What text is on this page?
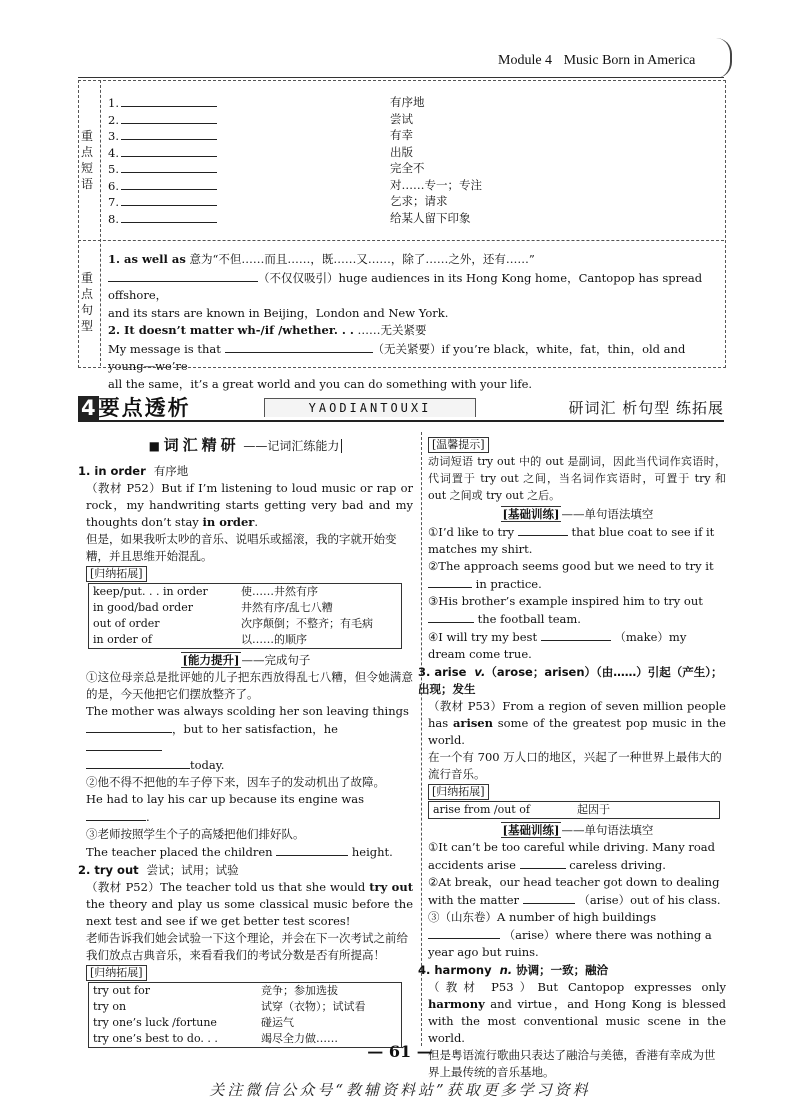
Module 4 Music Born in America
重点短语
1.	有序地
2.	尝试
3.	有幸
4.	出版
5.	完全不
6.	对……专一；专注
7.	乞求；请求
8.	给某人留下印象
重点句型
1. as well as 意为“不但……而且……，既……又……，除了……之外，还有……”
（不仅仅吸引）huge audiences in its Hong Kong home，Cantopop has spread offshore，
and its stars are known in Beijing，London and New York.
2. It doesn’t matter wh-/if /whether. . . ……无关紧要
My message is that	（无关紧要）if you’re black，white，fat，thin，old and young—we’re
all the same，it’s a great world and you can do something with your life.
4 要点透析	YAODIANTOUXI	研词汇 析句型 练拓展
■ 词汇精研 ——记词汇练能力
1. in order 有序地
（教材 P52）But if I’m listening to loud music or rap or rock，my handwriting starts getting very bad and my thoughts don’t stay in order.
但是，如果我听太吵的音乐、说唱乐或摇滚，我的字就开始变糟，并且思维开始混乱。
[归纳拓展]
keep/put. . . in order	使……井然有序
in good/bad order	井然有序/乱七八糟
out of order	次序颠倒；不整齐；有毛病
in order of	以……的顺序
[能力提升] ——完成句子
①这位母亲总是批评她的儿子把东西放得乱七八糟，但令她满意的是，今天他把它们摆放整齐了。
The mother was always scolding her son leaving things
，but to her satisfaction，he
today.
②他不得不把他的车子停下来，因车子的发动机出了故障。
He had to lay his car up because its engine was .
③老师按照学生个子的高矮把他们排好队。
The teacher placed the children	height.
2. try out 尝试；试用；试验
（教材 P52）The teacher told us that she would try out the theory and play us some classical music before the next test and see if we get better test scores!
老师告诉我们她会试验一下这个理论，并会在下一次考试之前给我们放点古典音乐，来看看我们的考试分数是否有所提高！
[归纳拓展]
try out for	竞争；参加选拔
try on	试穿（衣物）；试试看
try one’s luck /fortune	碰运气
try one’s best to do. . .	竭尽全力做……
[温馨提示]
动词短语 try out 中的 out 是副词，因此当代词作宾语时，代词置于 try out 之间，当名词作宾语时，可置于 try 和 out 之间或 try out 之后。
[基础训练] ——单句语法填空
①I’d like to try	that blue coat to see if it matches my shirt.
②The approach seems good but we need to try it  in practice.
③His brother’s example inspired him to try out  the football team.
④I will try my best	（make）my dream come true.
3. arise v.（arose；arisen）（由……）引起（产生）；出现；发生
（教材 P53）From a region of seven million people has arisen some of the greatest pop music in the world.
在一个有 700 万人口的地区，兴起了一种世界上最伟大的流行音乐。
[归纳拓展]
arise from /out of	起因于
[基础训练] ——单句语法填空
①It can’t be too careful while driving. Many road accidents arise	careless driving.
②At break，our head teacher got down to dealing with the matter	（arise）out of his class.
③（山东卷）A number of high buildings  （arise）where there was nothing a year ago but ruins.
4. harmony n. 协调；一致；融洽
（教材 P53）But Cantopop expresses only harmony and virtue，and Hong Kong is blessed with the most conventional music scene in the world.
但是粤语流行歌曲只表达了融洽与美德，香港有幸成为世界上最传统的音乐基地。
— 61 —
关注微信公众号“教辅资料站”获取更多学习资料
